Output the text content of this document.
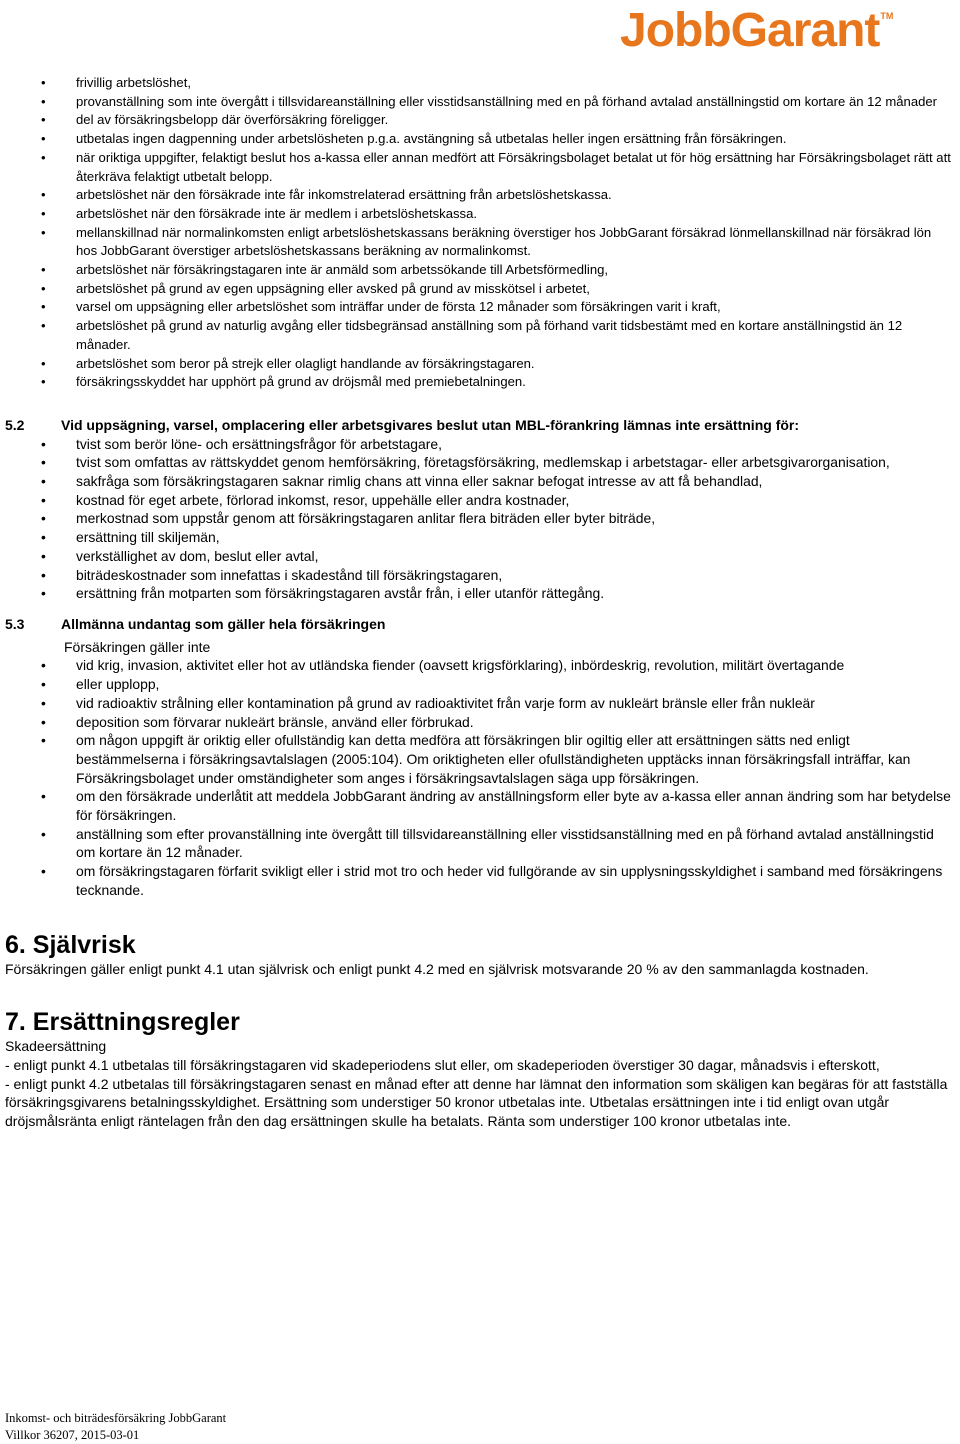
JobbGarant TM
• frivillig arbetslöshet,
• provanställning som inte övergått i tillsvidareanställning eller visstidsanställning med en på förhand avtalad anställningstid om kortare än 12 månader
• del av försäkringsbelopp där överförsäkring föreligger.
• utbetalas ingen dagpenning under arbetslösheten p.g.a. avstängning så utbetalas heller ingen ersättning från försäkringen.
• när oriktiga uppgifter, felaktigt beslut hos a-kassa eller annan medfört att Försäkringsbolaget betalat ut för hög ersättning har Försäkringsbolaget rätt att återkräva felaktigt utbetalt belopp.
• arbetslöshet när den försäkrade inte får inkomstrelaterad ersättning från arbetslöshetskassa.
• arbetslöshet när den försäkrade inte är medlem i arbetslöshetskassa.
• mellanskillnad när normalinkomsten enligt arbetslöshetskassans beräkning överstiger hos JobbGarant försäkrad lönmellanskillnad när försäkrad lön hos JobbGarant överstiger arbetslöshetskassans beräkning av normalinkomst.
• arbetslöshet när försäkringstagaren inte är anmäld som arbetssökande till Arbetsförmedling,
• arbetslöshet på grund av egen uppsägning eller avsked på grund av misskötsel i arbetet,
• varsel om uppsägning eller arbetslöshet som inträffar under de första 12 månader som försäkringen varit i kraft,
• arbetslöshet på grund av naturlig avgång eller tidsbegränsad anställning som på förhand varit tidsbestämt med en kortare anställningstid än 12 månader.
• arbetslöshet som beror på strejk eller olagligt handlande av försäkringstagaren.
• försäkringsskyddet har upphört på grund av dröjsmål med premiebetalningen.
5.2	Vid uppsägning, varsel, omplacering eller arbetsgivares beslut utan MBL-förankring lämnas inte ersättning för:
• tvist som berör löne- och ersättningsfrågor för arbetstagare,
• tvist som omfattas av rättskyddet genom hemförsäkring, företagsförsäkring, medlemskap i arbetstagar- eller arbetsgivarorganisation,
• sakfråga som försäkringstagaren saknar rimlig chans att vinna eller saknar befogat intresse av att få behandlad,
• kostnad för eget arbete, förlorad inkomst, resor, uppehälle eller andra kostnader,
• merkostnad som uppstår genom att försäkringstagaren anlitar flera biträden eller byter biträde,
• ersättning till skiljemän,
• verkställighet av dom, beslut eller avtal,
• biträdeskostnader som innefattas i skadestånd till försäkringstagaren,
• ersättning från motparten som försäkringstagaren avstår från, i eller utanför rättegång.
5.3	Allmänna undantag som gäller hela försäkringen
Försäkringen gäller inte
• vid krig, invasion, aktivitet eller hot av utländska fiender (oavsett krigsförklaring), inbördeskrig, revolution, militärt övertagande
• eller upplopp,
• vid radioaktiv strålning eller kontamination på grund av radioaktivitet från varje form av nukleärt bränsle eller från nukleär
• deposition som förvarar nukleärt bränsle, använd eller förbrukad.
• om någon uppgift är oriktig eller ofullständig kan detta medföra att försäkringen blir ogiltig eller att ersättningen sätts ned enligt bestämmelserna i försäkringsavtalslagen (2005:104). Om oriktigheten eller ofullständigheten upptäcks innan försäkringsfall inträffar, kan Försäkringsbolaget under omständigheter som anges i försäkringsavtalslagen säga upp försäkringen.
• om den försäkrade underlåtit att meddela JobbGarant ändring av anställningsform eller byte av a-kassa eller annan ändring som har betydelse för försäkringen.
• anställning som efter provanställning inte övergått till tillsvidareanställning eller visstidsanställning med en på förhand avtalad anställningstid om kortare än 12 månader.
• om försäkringstagaren förfarit svikligt eller i strid mot tro och heder vid fullgörande av sin upplysningsskyldighet i samband med försäkringens tecknande.
6. Självrisk

Försäkringen gäller enligt punkt 4.1 utan självrisk och enligt punkt 4.2 med en självrisk motsvarande 20 % av den sammanlagda kostnaden.

7. Ersättningsregler

Skadeersättning

- enligt punkt 4.1 utbetalas till försäkringstagaren vid skadeperiodens slut eller, om skadeperioden överstiger 30 dagar, månadsvis i efterskott,

- enligt punkt 4.2 utbetalas till försäkringstagaren senast en månad efter att denne har lämnat den information som skäligen kan begäras för att fastställa försäkringsgivarens betalningsskyldighet. Ersättning som understiger 50 kronor utbetalas inte. Utbetalas ersättningen inte i tid enligt ovan utgår dröjsmålsränta enligt räntelagen från den dag ersättningen skulle ha betalats. Ränta som understiger 100 kronor utbetalas inte.

Inkomst- och biträdesförsäkring JobbGarant
Villkor 36207, 2015-03-01
